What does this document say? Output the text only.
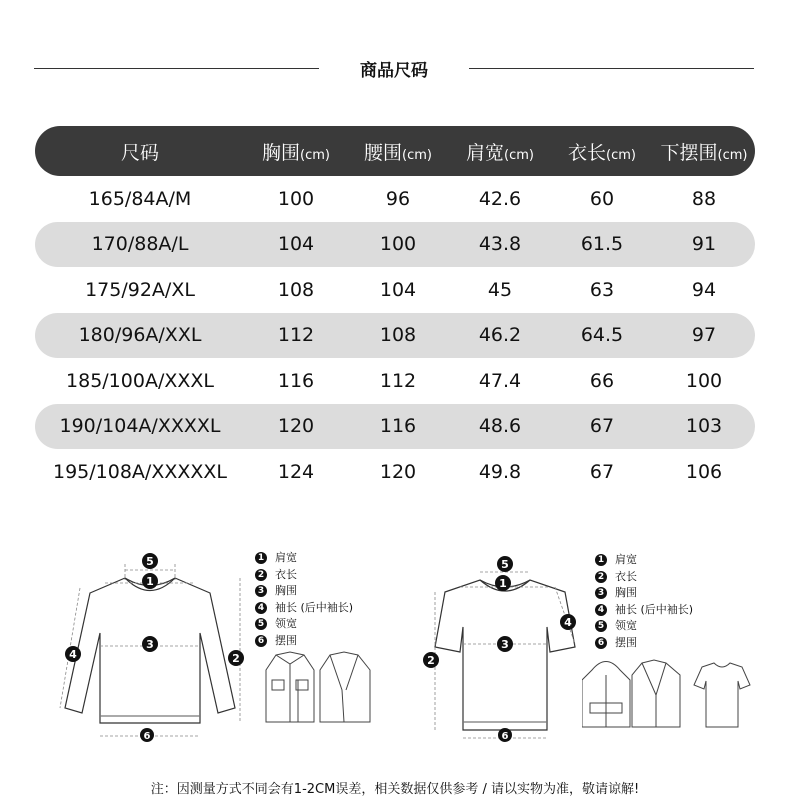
商品尺码
尺码	胸围(cm)	腰围(cm)	肩宽(cm)	衣长(cm)	下摆围(cm)
165/84A/M	100	96	42.6	60	88
170/88A/L	104	100	43.8	61.5	91
175/92A/XL	108	104	45	63	94
180/96A/XXL	112	108	46.2	64.5	97
185/100A/XXXL	116	112	47.4	66	100
190/104A/XXXXL	120	116	48.6	67	103
195/108A/XXXXXL	124	120	49.8	67	106
5
1
3
4	2
6
1 肩宽
2 衣长
3 胸围
4 袖长 (后中袖长)
5 领宽
6 摆围
5
1
3
4
2
6
1 肩宽
2 衣长
3 胸围
4 袖长 (后中袖长)
5 领宽
6 摆围
注：因测量方式不同会有1-2CM误差，相关数据仅供参考 / 请以实物为准，敬请谅解!
